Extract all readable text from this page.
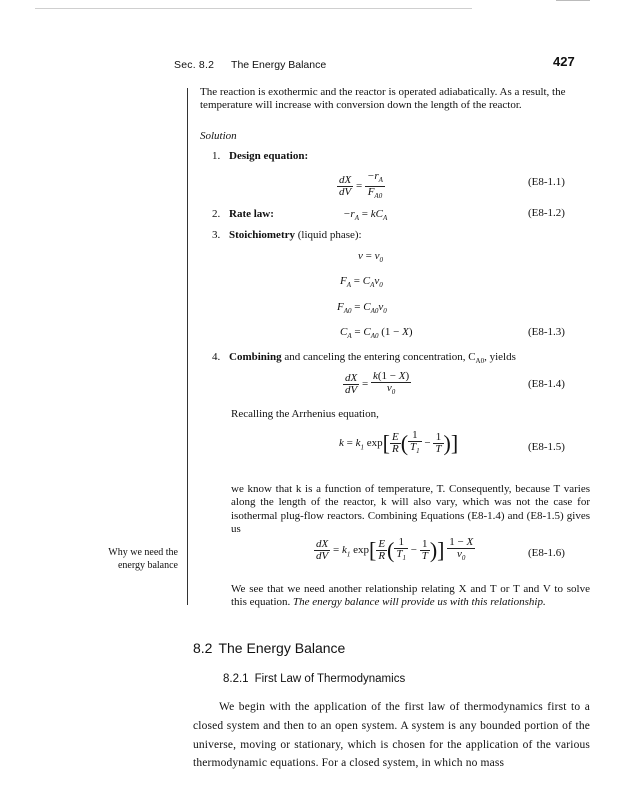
Sec. 8.2 The Energy Balance	427
The reaction is exothermic and the reactor is operated adiabatically. As a result, the temperature will increase with conversion down the length of the reactor.
Solution
1. Design equation:
$\frac{dX}{dV} = \frac{-r_A}{F_{A0}}$	(E8-1.1)
2. Rate law:	$-r_A = kC_A$	(E8-1.2)
3. Stoichiometry (liquid phase):
$v = v_0$
$F_A = C_Av_0$
$F_{A0} = C_{A0}v_0$
$C_A = C_{A0}$ (1 − X)	(E8-1.3)
4. Combining and canceling the entering concentration, $C_{A0}$, yields
$\frac{dX}{dV} = \frac{k(1 - X)}{v_0}$	(E8-1.4)
Recalling the Arrhenius equation,
$k = k_1$ $\exp[ \frac{E}{R}$ ( $\frac{1}{T_1} - \frac{1}{T}$ )]	(E8-1.5)
we know that k is a function of temperature, T. Consequently, because T varies along the length of the reactor, k will also vary, which was not the case for isothermal plug-flow reactors. Combining Equations (E8-1.4) and (E8-1.5) gives us
Why we need the energy balance
$\frac{dX}{dV} = k_1$ $\exp[ \frac{E}{R}$ ( $\frac{1}{T_1} - \frac{1}{T}$ )] $\frac{1 - X}{v_0}$	(E8-1.6)
We see that we need another relationship relating X and T or T and V to solve this equation. The energy balance will provide us with this relationship.
8.2 The Energy Balance
8.2.1 First Law of Thermodynamics
We begin with the application of the first law of thermodynamics first to a closed system and then to an open system. A system is any bounded portion of the universe, moving or stationary, which is chosen for the application of the various thermodynamic equations. For a closed system, in which no mass
